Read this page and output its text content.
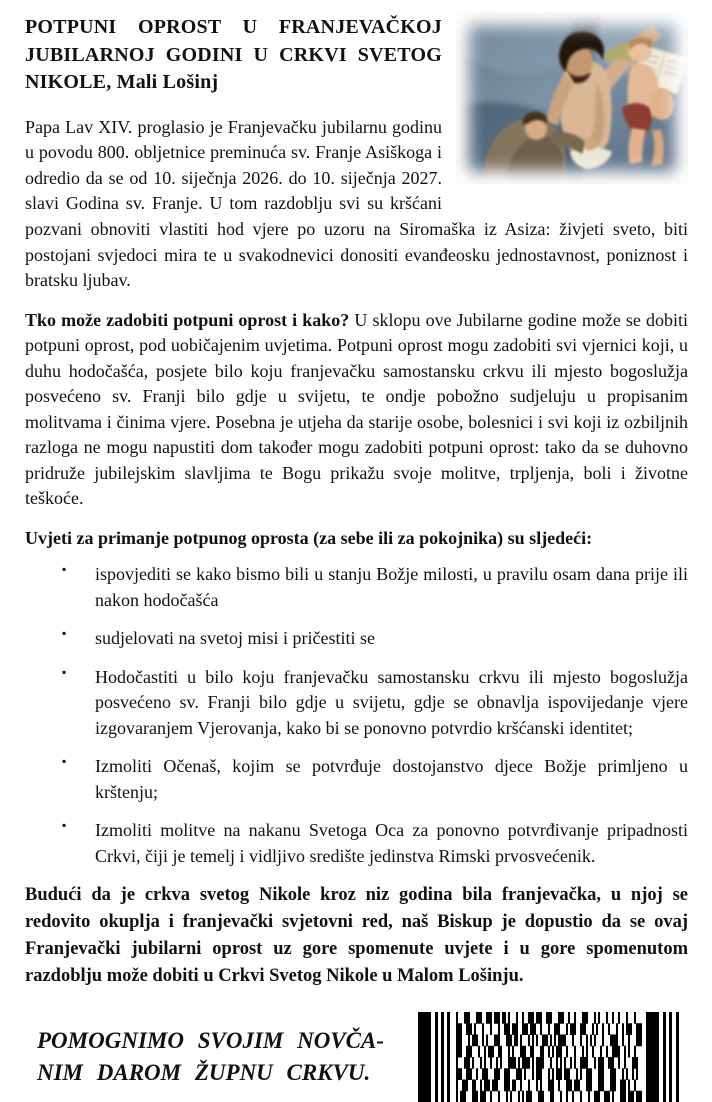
POTPUNI OPROST U FRANJEVAČKOJ JUBILARNOJ GODINI U CRKVI SVETOG NIKOLE, Mali Lošinj

Papa Lav XIV. proglasio je Franjevačku jubilarnu godinu u povodu 800. obljetnice preminuća sv. Franje Asiškoga i odredio da se od 10. siječnja 2026. do 10. siječnja 2027. slavi Godina sv. Franje. U tom razdoblju svi su kršćani pozvani obnoviti vlastiti hod vjere po uzoru na Siromaška iz Asiza: živjeti sveto, biti postojani svjedoci mira te u svakodnevici donositi evanđeosku jednostavnost, poniznost i bratsku ljubav.

Tko može zadobiti potpuni oprost i kako? U sklopu ove Jubilarne godine može se dobiti potpuni oprost, pod uobičajenim uvjetima. Potpuni oprost mogu zadobiti svi vjernici koji, u duhu hodočašća, posjete bilo koju franjevačku samostansku crkvu ili mjesto bogoslužja posvećeno sv. Franji bilo gdje u svijetu, te ondje pobožno sudjeluju u propisanim molitvama i činima vjere. Posebna je utjeha da starije osobe, bolesnici i svi koji iz ozbiljnih razloga ne mogu napustiti dom također mogu zadobiti potpuni oprost: tako da se duhovno pridruže jubilejskim slavljima te Bogu prikažu svoje molitve, trpljenja, boli i životne teškoće.

Uvjeti za primanje potpunog oprosta (za sebe ili za pokojnika) su sljedeći:
▪ ispovjediti se kako bismo bili u stanju Božje milosti, u pravilu osam dana prije ili nakon hodočašća
▪ sudjelovati na svetoj misi i pričestiti se
▪ Hodočastiti u bilo koju franjevačku samostansku crkvu ili mjesto bogoslužja posvećeno sv. Franji bilo gdje u svijetu, gdje se obnavlja ispovijedanje vjere izgovaranjem Vjerovanja, kako bi se ponovno potvrdio kršćanski identitet;
▪ Izmoliti Očenaš, kojim se potvrđuje dostojanstvo djece Božje primljeno u krštenju;
▪ Izmoliti molitve na nakanu Svetoga Oca za ponovno potvrđivanje pripadnosti Crkvi, čiji je temelj i vidljivo središte jedinstva Rimski prvosvećenik.

Budući da je crkva svetog Nikole kroz niz godina bila franjevačka, u njoj se redovito okuplja i franjevački svjetovni red, naš Biskup je dopustio da se ovaj Franjevački jubilarni oprost uz gore spomenute uvjete i u gore spomenutom razdoblju može dobiti u Crkvi Svetog Nikole u Malom Lošinju.

POMOGNIMO SVOJIM NOVČA-
NIM DAROM ŽUPNU CRKVU.
